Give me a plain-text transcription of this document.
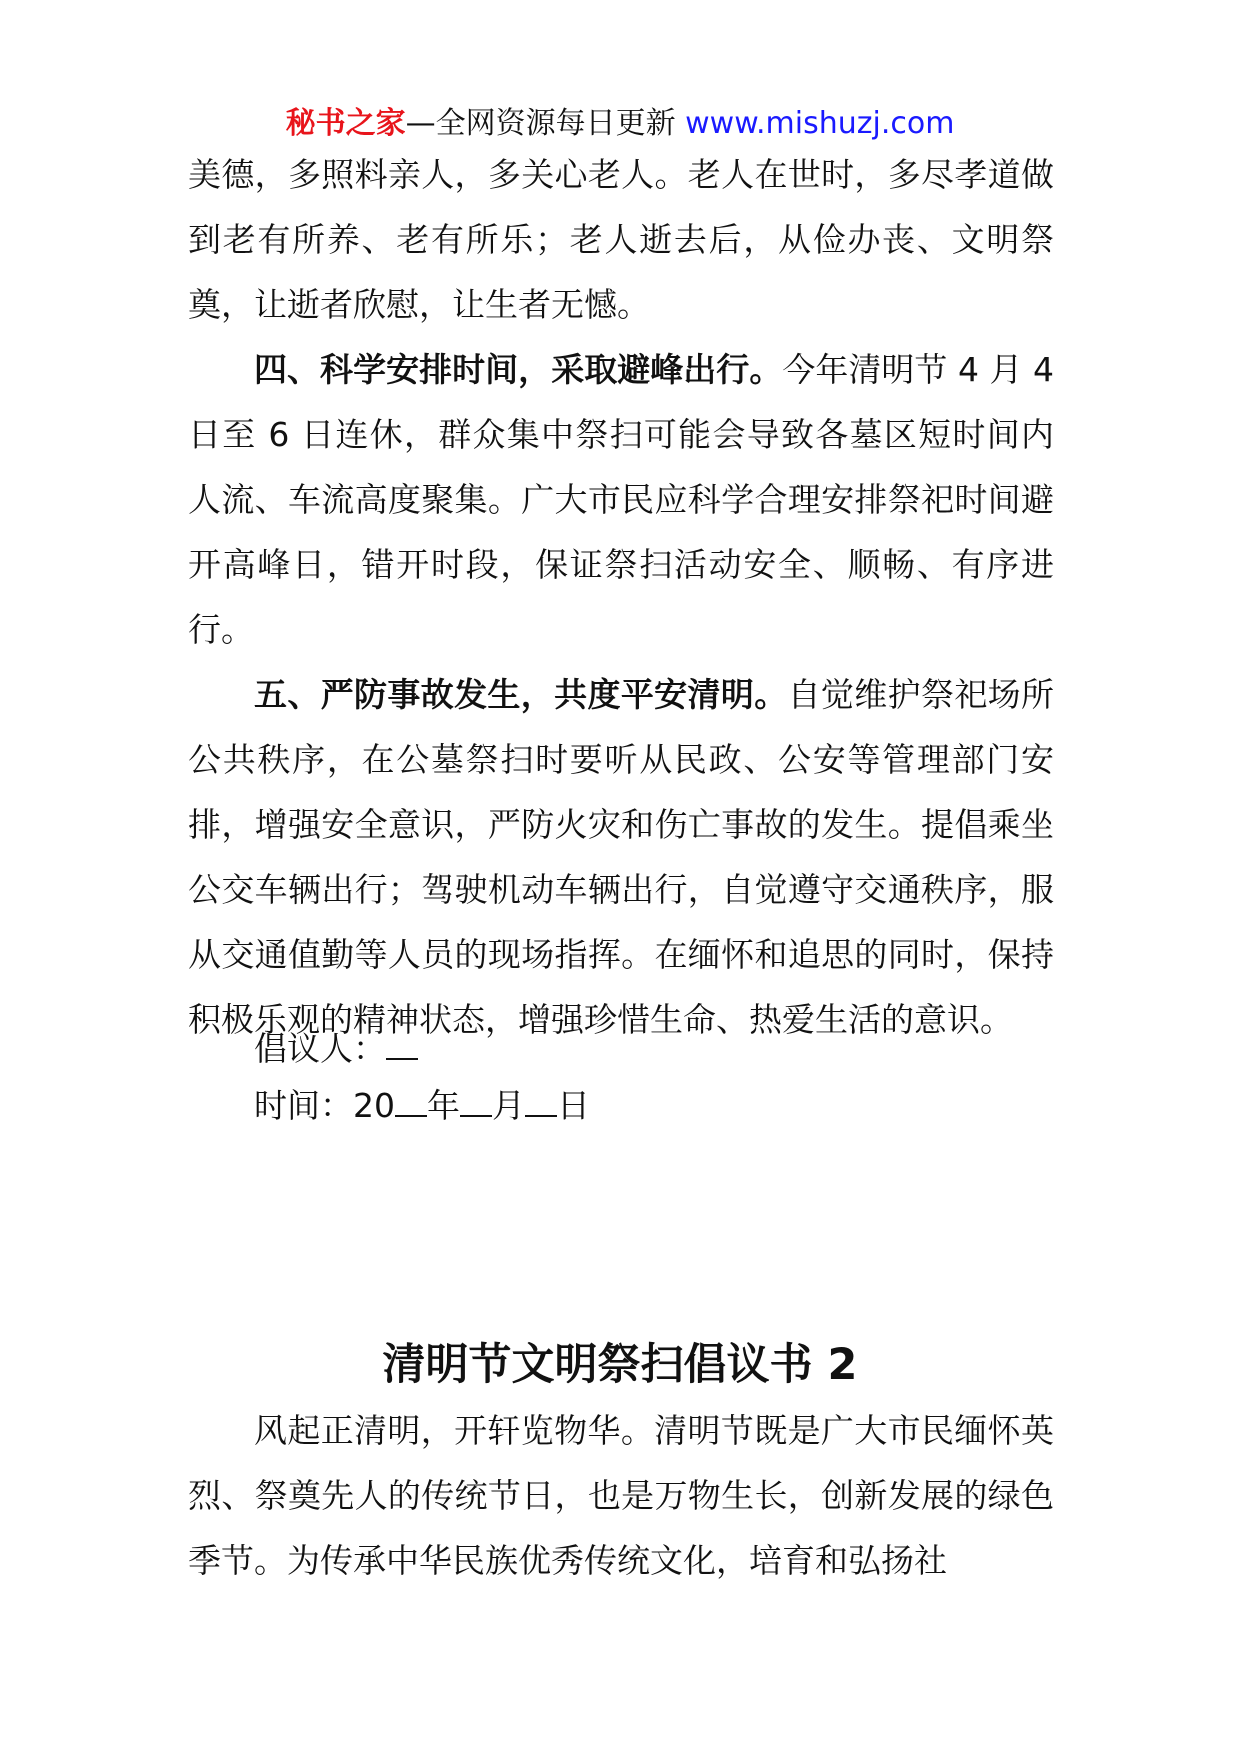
秘书之家—全网资源每日更新 www.mishuzj.com

美德，多照料亲人，多关心老人。老人在世时，多尽孝道做到老有所养、老有所乐；老人逝去后，从俭办丧、文明祭奠，让逝者欣慰，让生者无憾。

四、科学安排时间，采取避峰出行。今年清明节 4 月 4 日至 6 日连休，群众集中祭扫可能会导致各墓区短时间内人流、车流高度聚集。广大市民应科学合理安排祭祀时间避开高峰日，错开时段，保证祭扫活动安全、顺畅、有序进行。

五、严防事故发生，共度平安清明。自觉维护祭祀场所公共秩序，在公墓祭扫时要听从民政、公安等管理部门安排，增强安全意识，严防火灾和伤亡事故的发生。提倡乘坐公交车辆出行；驾驶机动车辆出行，自觉遵守交通秩序，服从交通值勤等人员的现场指挥。在缅怀和追思的同时，保持积极乐观的精神状态，增强珍惜生命、热爱生活的意识。

倡议人：
时间：20 年 月 日
清明节文明祭扫倡议书 2

风起正清明，开轩览物华。清明节既是广大市民缅怀英烈、祭奠先人的传统节日，也是万物生长，创新发展的绿色季节。为传承中华民族优秀传统文化，培育和弘扬社
